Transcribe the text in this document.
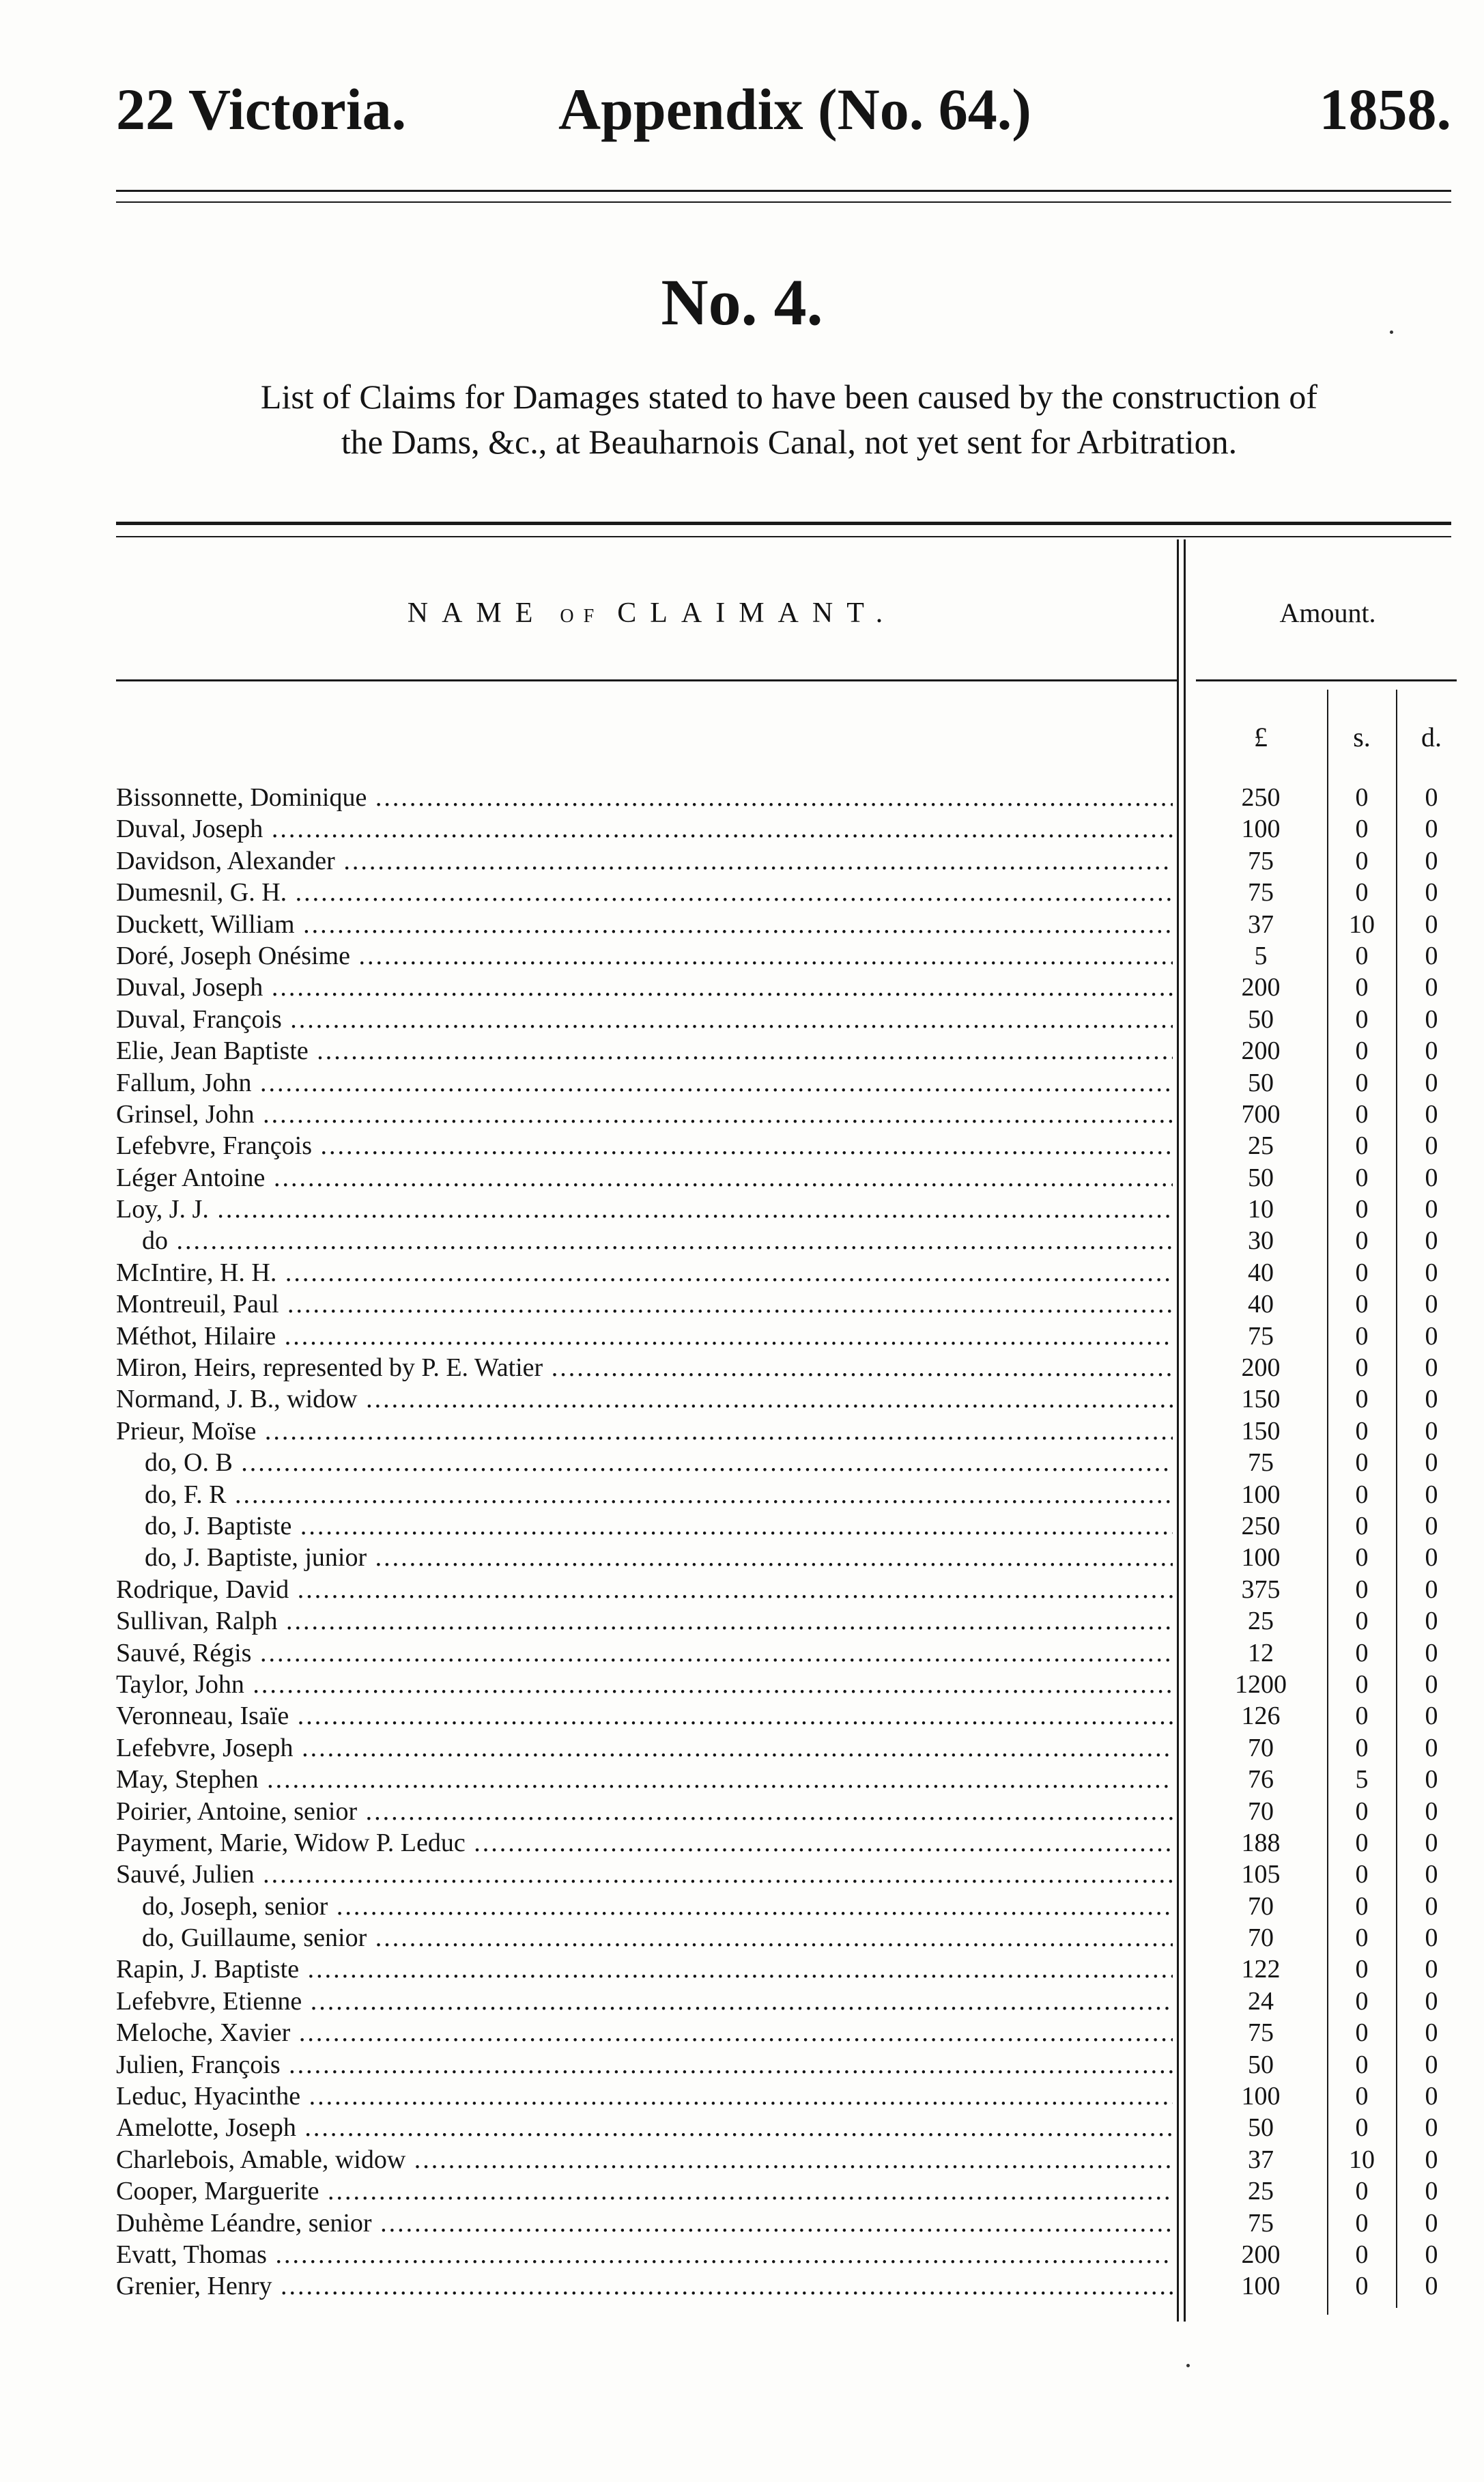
22 Victoria.	Appendix (No. 64.)	1858.
No. 4.
List of Claims for Damages stated to have been caused by the construction of
the Dams, &c., at Beauharnois Canal, not yet sent for Arbitration.
NAME OF CLAIMANT.	Amount.
£	s.	d.
Bissonnette, Dominique .....	250	0	0
Duval, Joseph .....	100	0	0
Davidson, Alexander .....	75	0	0
Dumesnil, G. H. .....	75	0	0
Duckett, William .....	37	10	0
Doré, Joseph Onésime .....	5	0	0
Duval, Joseph .....	200	0	0
Duval, François .....	50	0	0
Elie, Jean Baptiste .....	200	0	0
Fallum, John .....	50	0	0
Grinsel, John .....	700	0	0
Lefebvre, François .....	25	0	0
Léger Antoine .....	50	0	0
Loy, J. J. .....	10	0	0
do .....	30	0	0
McIntire, H. H. .....	40	0	0
Montreuil, Paul .....	40	0	0
Méthot, Hilaire .....	75	0	0
Miron, Heirs, represented by P. E. Watier .....	200	0	0
Normand, J. B., widow .....	150	0	0
Prieur, Moïse .....	150	0	0
do, O. B .....	75	0	0
do, F. R .....	100	0	0
do, J. Baptiste .....	250	0	0
do, J. Baptiste, junior .....	100	0	0
Rodrique, David .....	375	0	0
Sullivan, Ralph .....	25	0	0
Sauvé, Régis .....	12	0	0
Taylor, John .....	1200	0	0
Veronneau, Isaïe .....	126	0	0
Lefebvre, Joseph .....	70	0	0
May, Stephen .....	76	5	0
Poirier, Antoine, senior .....	70	0	0
Payment, Marie, Widow P. Leduc .....	188	0	0
Sauvé, Julien .....	105	0	0
do, Joseph, senior .....	70	0	0
do, Guillaume, senior .....	70	0	0
Rapin, J. Baptiste .....	122	0	0
Lefebvre, Etienne .....	24	0	0
Meloche, Xavier .....	75	0	0
Julien, François .....	50	0	0
Leduc, Hyacinthe .....	100	0	0
Amelotte, Joseph .....	50	0	0
Charlebois, Amable, widow .....	37	10	0
Cooper, Marguerite .....	25	0	0
Duhème Léandre, senior .....	75	0	0
Evatt, Thomas .....	200	0	0
Grenier, Henry .....	100	0	0
